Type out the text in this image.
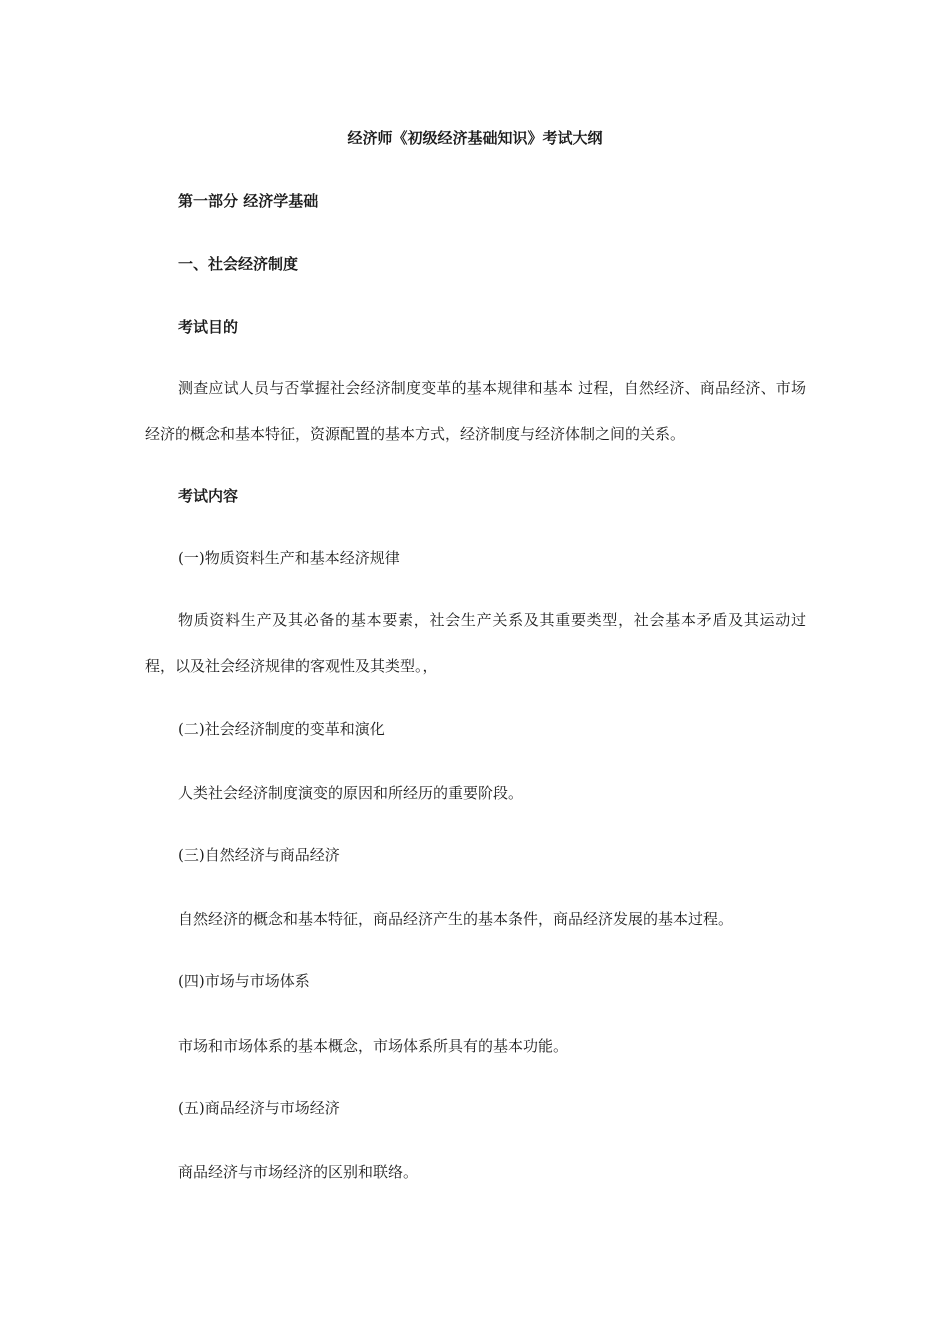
经济师《初级经济基础知识》考试大纲
第一部分 经济学基础
一、社会经济制度
考试目的

测查应试人员与否掌握社会经济制度变革的基本规律和基本 过程，自然经济、商品经济、市场经济的概念和基本特征，资源配置的基本方式，经济制度与经济体制之间的关系。

考试内容
(一)物质资料生产和基本经济规律

物质资料生产及其必备的基本要素，社会生产关系及其重要类型，社会基本矛盾及其运动过程，以及社会经济规律的客观性及其类型。，

(二)社会经济制度的变革和演化
人类社会经济制度演变的原因和所经历的重要阶段。
(三)自然经济与商品经济
自然经济的概念和基本特征，商品经济产生的基本条件，商品经济发展的基本过程。
(四)市场与市场体系
市场和市场体系的基本概念，市场体系所具有的基本功能。
(五)商品经济与市场经济
商品经济与市场经济的区别和联络。
